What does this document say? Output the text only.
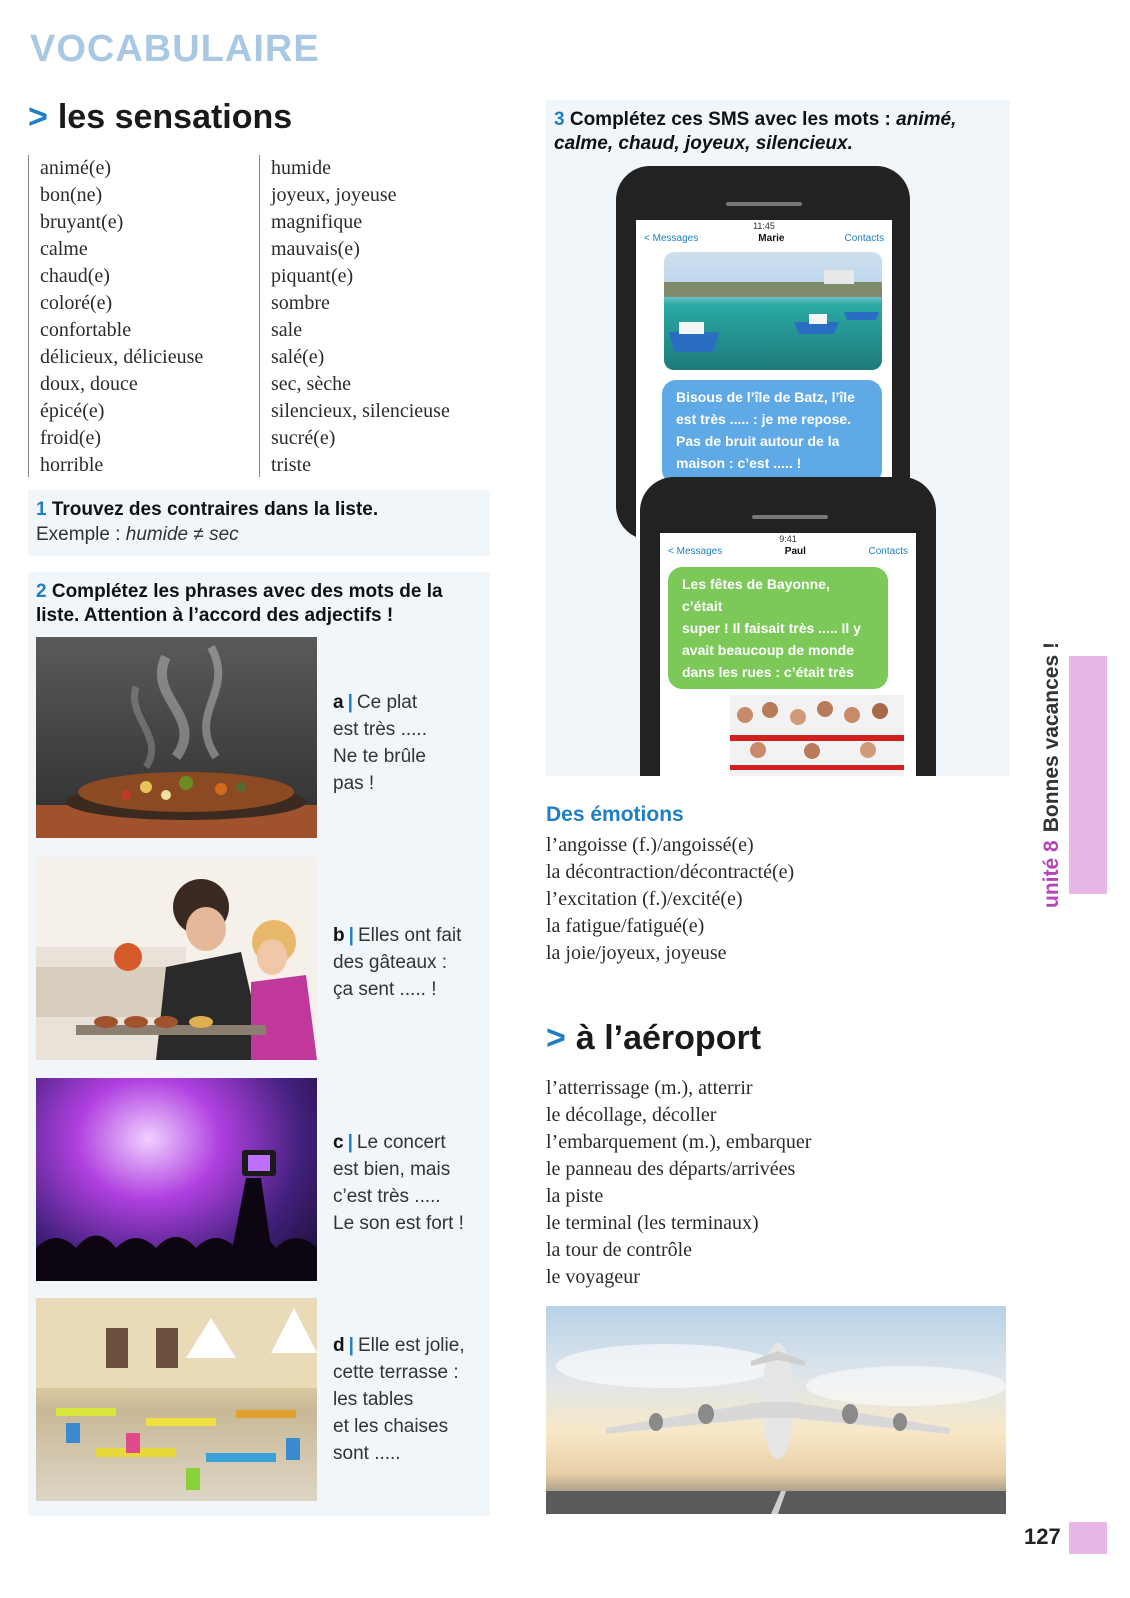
VOCABULAIRE
> les sensations
animé(e)
bon(ne)
bruyant(e)
calme
chaud(e)
coloré(e)
confortable
délicieux, délicieuse
doux, douce
épicé(e)
froid(e)
horrible
humide
joyeux, joyeuse
magnifique
mauvais(e)
piquant(e)
sombre
sale
salé(e)
sec, sèche
silencieux, silencieuse
sucré(e)
triste
1 Trouvez des contraires dans la liste.
Exemple : humide ≠ sec
2 Complétez les phrases avec des mots de la
liste. Attention à l’accord des adjectifs !
a | Ce plat
est très .....
Ne te brûle
pas !
b | Elles ont fait
des gâteaux :
ça sent ..... !
c | Le concert
est bien, mais
c’est très .....
Le son est fort !
d | Elle est jolie,
cette terrasse :
les tables
et les chaises
sont .....
3 Complétez ces SMS avec les mots : animé,
calme, chaud, joyeux, silencieux.
11:45
< Messages	Marie	Contacts
Bisous de l’île de Batz, l’île
est très ..... : je me repose.
Pas de bruit autour de la
maison : c’est ..... !
9:41
< Messages	Paul	Contacts
Les fêtes de Bayonne, c’était
super ! Il faisait très ..... Il y
avait beaucoup de monde
dans les rues : c’était très .....
et .....
Des émotions
l’angoisse (f.)/angoissé(e)
la décontraction/décontracté(e)
l’excitation (f.)/excité(e)
la fatigue/fatigué(e)
la joie/joyeux, joyeuse
> à l’aéroport
l’atterrissage (m.), atterrir
le décollage, décoller
l’embarquement (m.), embarquer
le panneau des départs/arrivées
la piste
le terminal (les terminaux)
la tour de contrôle
le voyageur
unité 8Bonnes vacances !
127
